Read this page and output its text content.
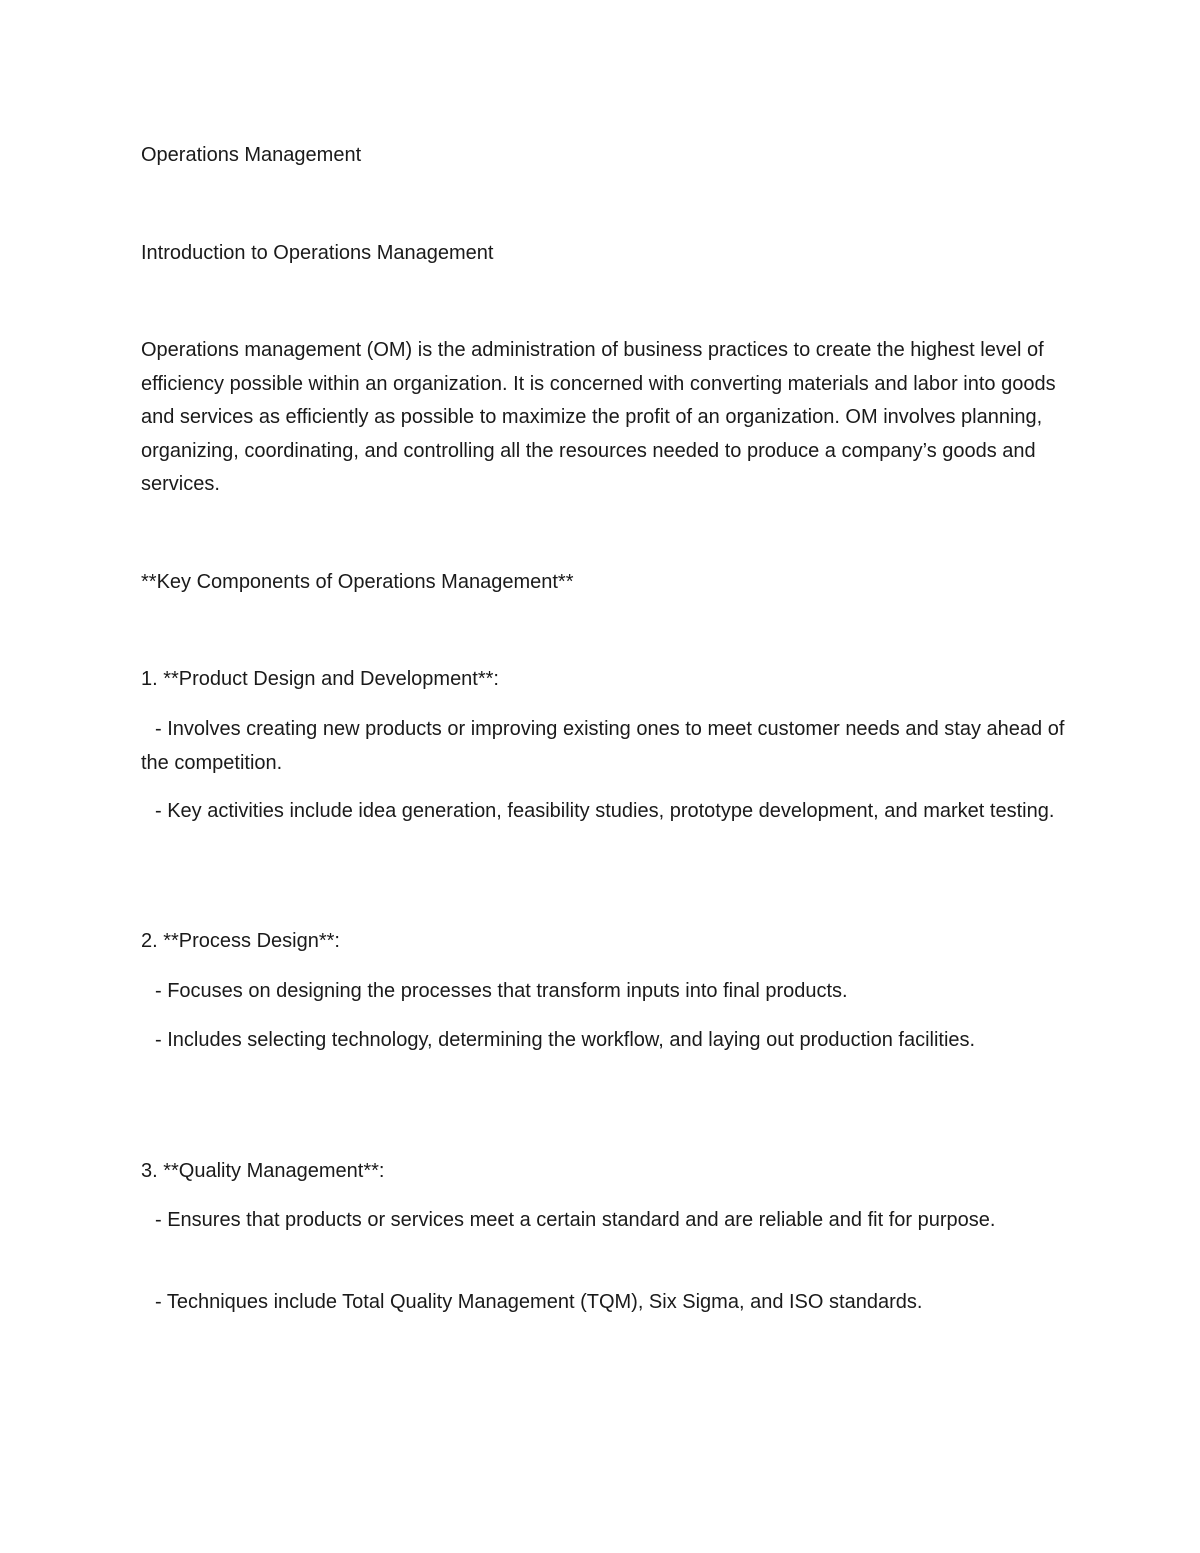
Operations Management

Introduction to Operations Management

Operations management (OM) is the administration of business practices to create the highest level of efficiency possible within an organization. It is concerned with converting materials and labor into goods and services as efficiently as possible to maximize the profit of an organization. OM involves planning, organizing, coordinating, and controlling all the resources needed to produce a company’s goods and services.

**Key Components of Operations Management**

1. **Product Design and Development**:

- Involves creating new products or improving existing ones to meet customer needs and stay ahead of the competition.

- Key activities include idea generation, feasibility studies, prototype development, and market testing.

2. **Process Design**:

- Focuses on designing the processes that transform inputs into final products.

- Includes selecting technology, determining the workflow, and laying out production facilities.

3. **Quality Management**:

- Ensures that products or services meet a certain standard and are reliable and fit for purpose.

- Techniques include Total Quality Management (TQM), Six Sigma, and ISO standards.
